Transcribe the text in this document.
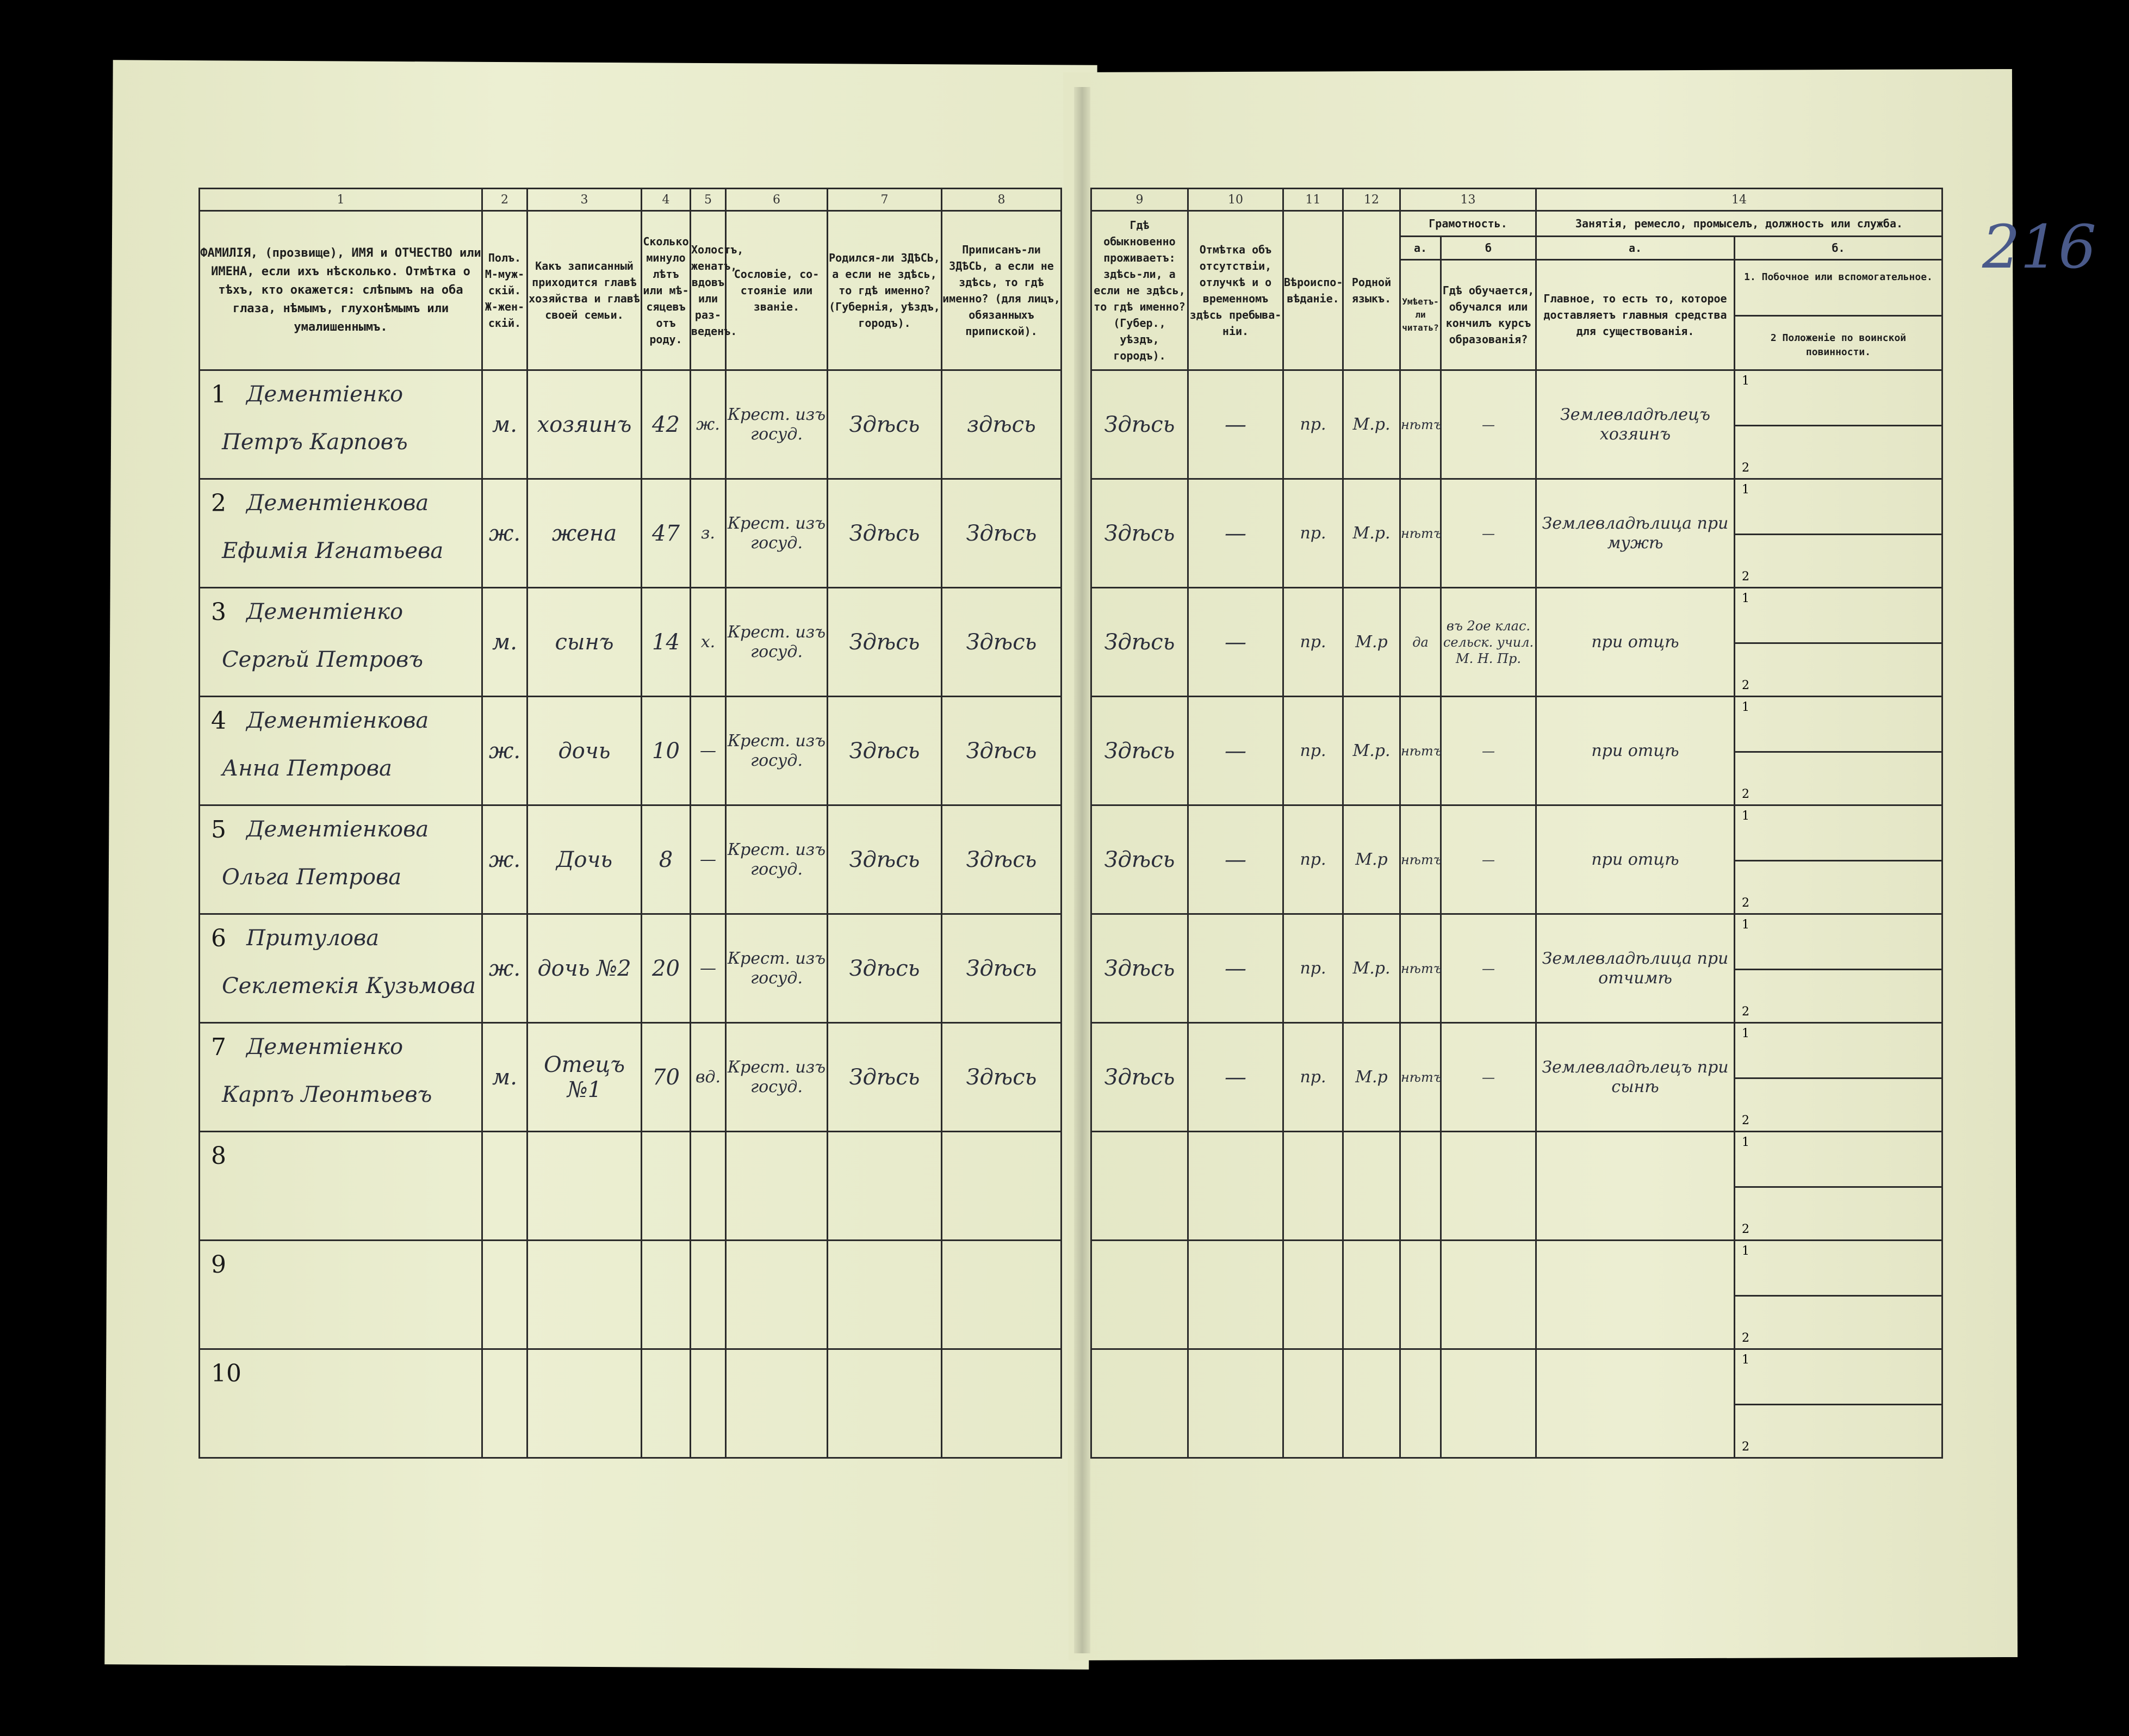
1	2	3	4	5	6	7	8
ФАМИЛІЯ, (прозвище), ИМЯ и ОТЧЕСТВО или ИМЕНА, если ихъ нѣсколько. Отмѣтка о тѣхъ, кто окажется: слѣпымъ на оба глаза, нѣмымъ, глухонѣмымъ или умалишеннымъ.	Полъ. М-мужскій. Ж-женскій.	Какъ записанный приходится главѣ хозяйства и главѣ своей семьи.	Сколько минуло лѣтъ или мѣсяцевъ отъ роду.	Холостъ, женатъ, вдовъ или разведенъ.	Сословіе, состояніе или званіе.	Родился-ли ЗДѢСЬ, а если не здѣсь, то гдѣ именно? (Губернія, уѣздъ, городъ).	Приписанъ-ли ЗДѢСЬ, а если не здѣсь, то гдѣ именно? (для лицъ, обязанныхъ припиской).

1 Дементіенко
Петръ Карповъ	м.	хозяинъ	42	ж.	Крест. изъ госуд.	Здѣсь	здѣсь

2 Дементіенкова
Ефимія Игнатьева	ж.	жена	47	з.	Крест. изъ госуд.	Здѣсь	Здѣсь

3 Дементіенко
Сергѣй Петровъ	м.	сынъ	14	х.	Крест. изъ госуд.	Здѣсь	Здѣсь

4 Дементіенкова
Анна Петрова	ж.	дочь	10	—	Крест. изъ госуд.	Здѣсь	Здѣсь

5 Дементіенкова
Ольга Петрова	ж.	Дочь	8	—	Крест. изъ госуд.	Здѣсь	Здѣсь

6 Притулова
Секлетекія Кузьмова	ж.	дочь №2	20	—	Крест. изъ госуд.	Здѣсь	Здѣсь

7 Дементіенко
Карпъ Леонтьевъ	м.	Отецъ №1	70	вд.	Крест. изъ госуд.	Здѣсь	Здѣсь

8							

9							

10							

9	10	11	12	13		14	
Гдѣ обыкновенно проживаетъ: здѣсь-ли, а если не здѣсь, то гдѣ именно? (Губер., уѣздъ, городъ).	Отмѣтка объ отсутствіи, отлучкѣ и о временномъ здѣсь пребываніи.	Вѣроисповѣданіе.	Родной языкъ.	Грамотность.		Занятія, ремесло, промыселъ, должность или служба.	
				а.	б	а.	б.
				Умѣетъ-ли читать?	Гдѣ обучается, обучался или кончилъ курсъ образованія?	Главное, то есть то, которое доставляетъ главныя средства для существованія.	1. Побочное или вспомогательное.
2 Положеніе по воинской повинности.

Здѣсь	—	пр.	М.р.	нѣтъ	—	Землевладѣлецъ хозяинъ	1
2

Здѣсь	—	пр.	М.р.	нѣтъ	—	Землевладѣлица при мужѣ	1
2

Здѣсь	—	пр.	М.р	да	въ 2ое клас. сельск. учил. М. Н. Пр.	при отцѣ	1
2

Здѣсь	—	пр.	М.р.	нѣтъ	—	при отцѣ	1
2

Здѣсь	—	пр.	М.р	нѣтъ	—	при отцѣ	1
2

Здѣсь	—	пр.	М.р.	нѣтъ	—	Землевладѣлица при отчимѣ	1
2

Здѣсь	—	пр.	М.р	нѣтъ	—	Землевладѣлецъ при сынѣ	1
2

							1
2

							1
2

							1
2
216
